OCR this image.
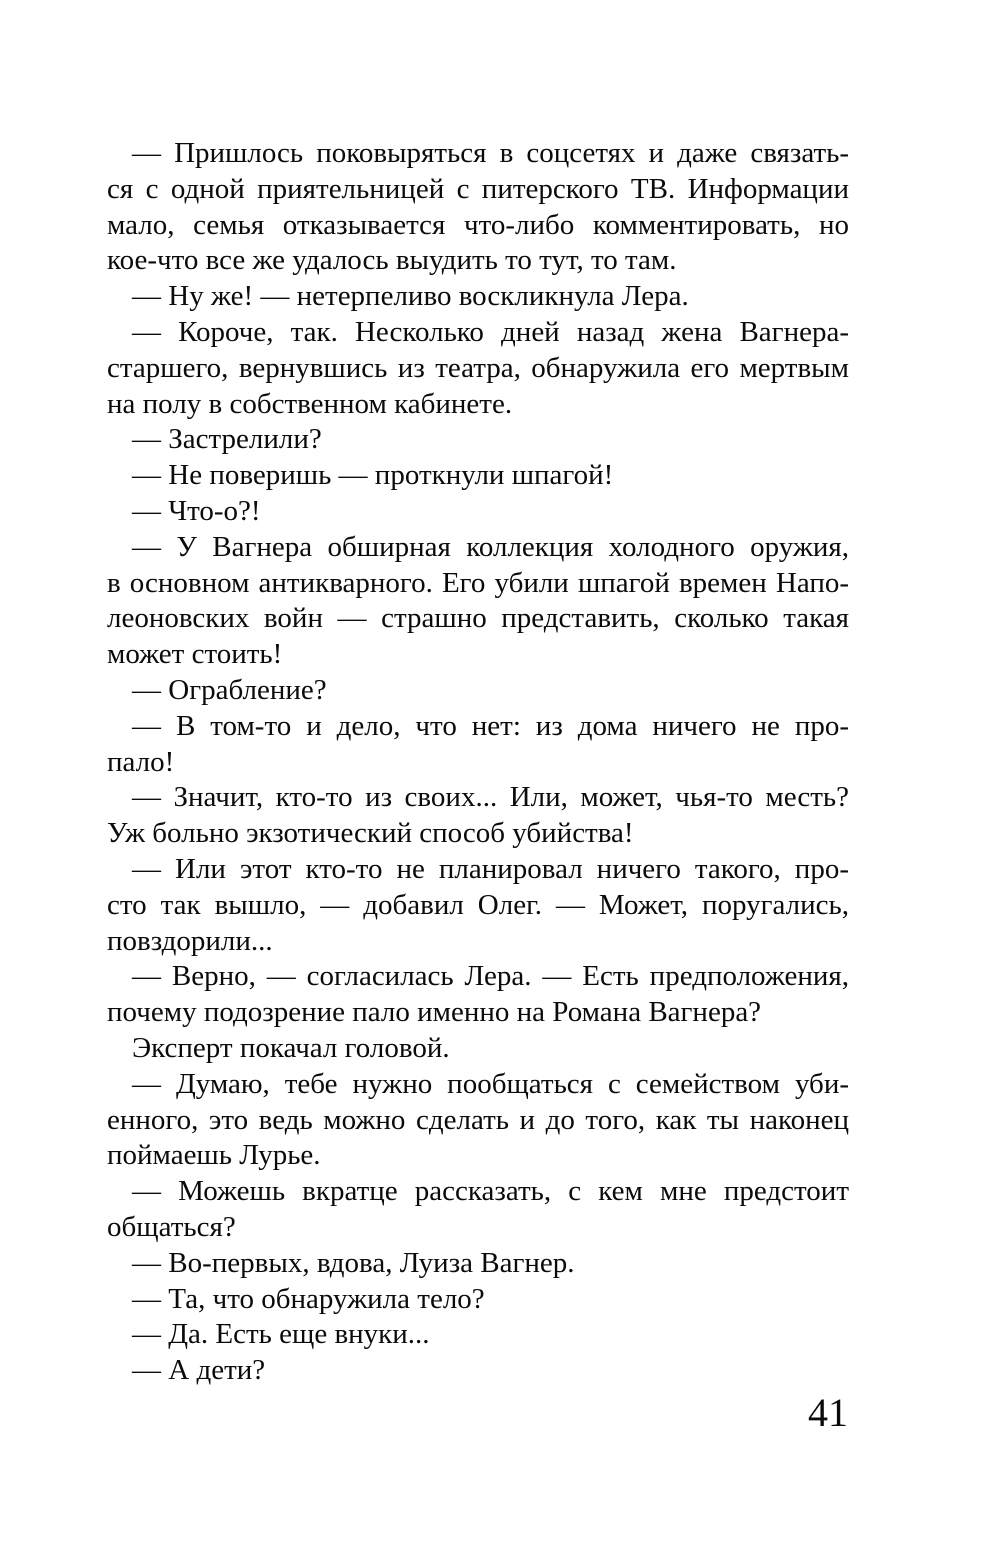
— Пришлось поковыряться в соцсетях и даже связать-
ся с одной приятельницей с питерского ТВ. Информации
мало, семья отказывается что-либо комментировать, но
кое-что все же удалось выудить то тут, то там.
— Ну же! — нетерпеливо воскликнула Лера.
— Короче, так. Несколько дней назад жена Вагнера-
старшего, вернувшись из театра, обнаружила его мертвым
на полу в собственном кабинете.
— Застрелили?
— Не поверишь — проткнули шпагой!
— Что-о?!
— У Вагнера обширная коллекция холодного оружия,
в основном антикварного. Его убили шпагой времен Напо-
леоновских войн — страшно представить, сколько такая
может стоить!
— Ограбление?
— В том-то и дело, что нет: из дома ничего не про-
пало!
— Значит, кто-то из своих... Или, может, чья-то месть?
Уж больно экзотический способ убийства!
— Или этот кто-то не планировал ничего такого, про-
сто так вышло, — добавил Олег. — Может, поругались,
повздорили...
— Верно, — согласилась Лера. — Есть предположения,
почему подозрение пало именно на Романа Вагнера?
Эксперт покачал головой.
— Думаю, тебе нужно пообщаться с семейством уби-
енного, это ведь можно сделать и до того, как ты наконец
поймаешь Лурье.
— Можешь вкратце рассказать, с кем мне предстоит
общаться?
— Во-первых, вдова, Луиза Вагнер.
— Та, что обнаружила тело?
— Да. Есть еще внуки...
— А дети?
41
